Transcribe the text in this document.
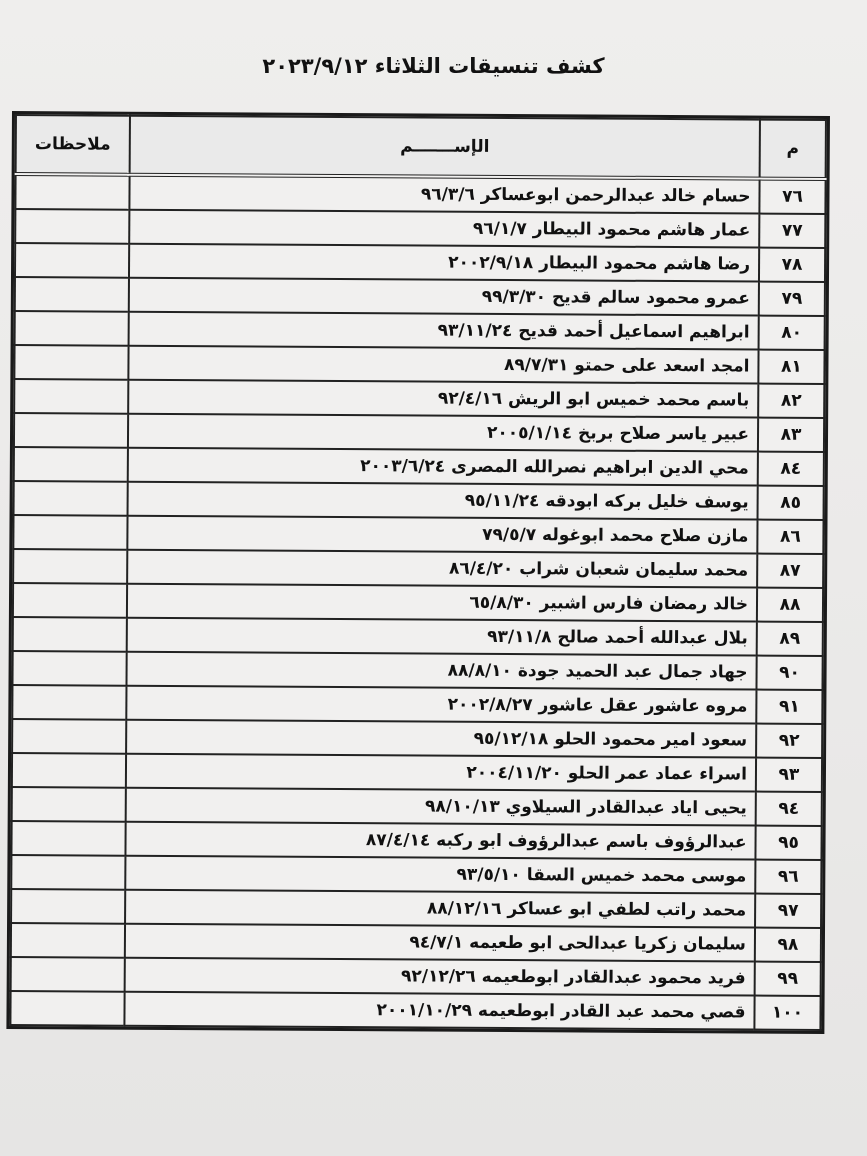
كشف تنسيقات الثلاثاء ٢٠٢٣/٩/١٢
م	الإســـــــم	ملاحظات
٧٦	حسام خالد عبدالرحمن ابوعساكر ٩٦/٣/٦	
٧٧	عمار هاشم محمود البيطار ٩٦/١/٧	
٧٨	رضا هاشم محمود البيطار ٢٠٠٢/٩/١٨	
٧٩	عمرو محمود سالم قديح ٩٩/٣/٣٠	
٨٠	ابراهيم اسماعيل أحمد قديح ٩٣/١١/٢٤	
٨١	امجد اسعد على حمتو ٨٩/٧/٣١	
٨٢	باسم محمد خميس ابو الريش ٩٢/٤/١٦	
٨٣	عبير ياسر صلاح بربخ ٢٠٠٥/١/١٤	
٨٤	محي الدين ابراهيم نصرالله المصرى ٢٠٠٣/٦/٢٤	
٨٥	يوسف خليل بركه ابودقه ٩٥/١١/٢٤	
٨٦	مازن صلاح محمد ابوغوله ٧٩/٥/٧	
٨٧	محمد سليمان شعبان شراب ٨٦/٤/٢٠	
٨٨	خالد رمضان فارس اشبير ٦٥/٨/٣٠	
٨٩	بلال عبدالله أحمد صالح ٩٣/١١/٨	
٩٠	جهاد جمال عبد الحميد جودة ٨٨/٨/١٠	
٩١	مروه عاشور عقل عاشور ٢٠٠٢/٨/٢٧	
٩٢	سعود امير محمود الحلو ٩٥/١٢/١٨	
٩٣	اسراء عماد عمر الحلو ٢٠٠٤/١١/٢٠	
٩٤	يحيى اياد عبدالقادر السيلاوي ٩٨/١٠/١٣	
٩٥	عبدالرؤوف باسم عبدالرؤوف ابو ركبه ٨٧/٤/١٤	
٩٦	موسى محمد خميس السقا ٩٣/٥/١٠	
٩٧	محمد راتب لطفي ابو عساكر ٨٨/١٢/١٦	
٩٨	سليمان زكريا عبدالحى ابو طعيمه ٩٤/٧/١	
٩٩	فريد محمود عبدالقادر ابوطعيمه ٩٢/١٢/٢٦	
١٠٠	قصي محمد عبد القادر ابوطعيمه ٢٠٠١/١٠/٢٩	
